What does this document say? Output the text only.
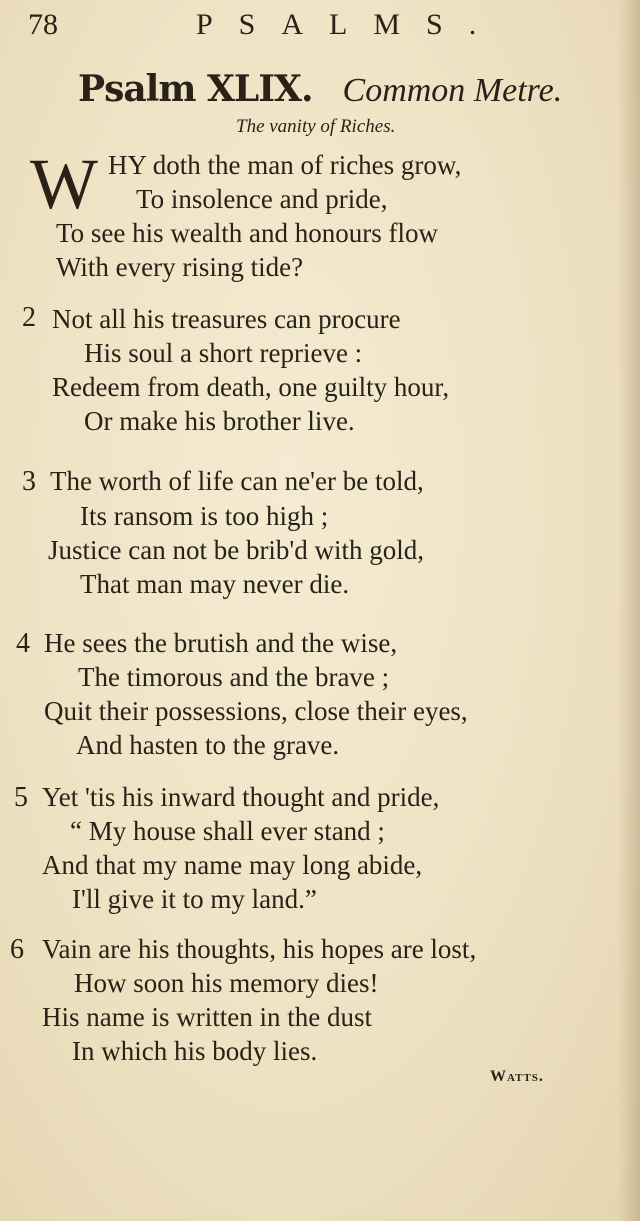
78	PSALMS.
Psalm XLIX. Common Metre.
The vanity of Riches.
W HY doth the man of riches grow,
To insolence and pride,
To see his wealth and honours flow
With every rising tide?
2 Not all his treasures can procure
His soul a short reprieve :
Redeem from death, one guilty hour,
Or make his brother live.
3 The worth of life can ne'er be told,
Its ransom is too high ;
Justice can not be brib'd with gold,
That man may never die.
4 He sees the brutish and the wise,
The timorous and the brave ;
Quit their possessions, close their eyes,
And hasten to the grave.
5 Yet 'tis his inward thought and pride,
“ My house shall ever stand ;
And that my name may long abide,
I'll give it to my land.”
6 Vain are his thoughts, his hopes are lost,
How soon his memory dies!
His name is written in the dust
In which his body lies.
Watts.
